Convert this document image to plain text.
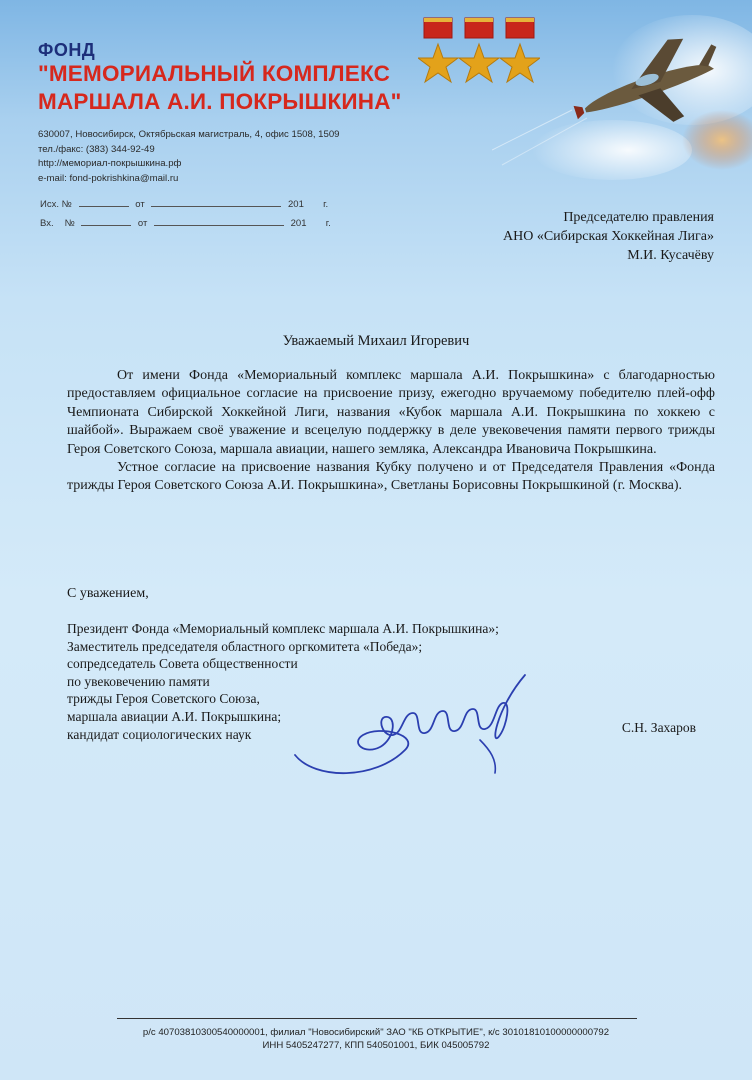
ФОНД
"МЕМОРИАЛЬНЫЙ КОМПЛЕКС
МАРШАЛА А.И. ПОКРЫШКИНА"
630007, Новосибирск, Октябрьская магистраль, 4, офис 1508, 1509
тел./факс: (383) 344-92-49
http://мемориал-покрышкина.рф
e-mail: fond-pokrishkina@mail.ru
Исх. №	от	201 г.
Вх. №	от	201 г.	Председателю правления
АНО «Сибирская Хоккейная Лига»
М.И. Кусачёву
Уважаемый Михаил Игоревич

От имени Фонда «Мемориальный комплекс маршала А.И. Покрышкина» с благодарностью предоставляем официальное согласие на присвоение призу, ежегодно вручаемому победителю плей-офф Чемпионата Сибирской Хоккейной Лиги, названия «Кубок маршала А.И. Покрышкина по хоккею с шайбой». Выражаем своё уважение и всецелую поддержку в деле увековечения памяти первого трижды Героя Советского Союза, маршала авиации, нашего земляка, Александра Ивановича Покрышкина.

Устное согласие на присвоение названия Кубку получено и от Председателя Правления «Фонда трижды Героя Советского Союза А.И. Покрышкина», Светланы Борисовны Покрышкиной (г. Москва).

С уважением,
Президент Фонда «Мемориальный комплекс маршала А.И. Покрышкина»;
Заместитель председателя областного оргкомитета «Победа»;
сопредседатель Совета общественности
по увековечению памяти
трижды Героя Советского Союза,
маршала авиации А.И. Покрышкина;
кандидат социологических наук	С.Н. Захаров
р/с 40703810300540000001, филиал "Новосибирский" ЗАО "КБ ОТКРЫТИЕ", к/с 30101810100000000792
ИНН 5405247277, КПП 540501001, БИК 045005792
